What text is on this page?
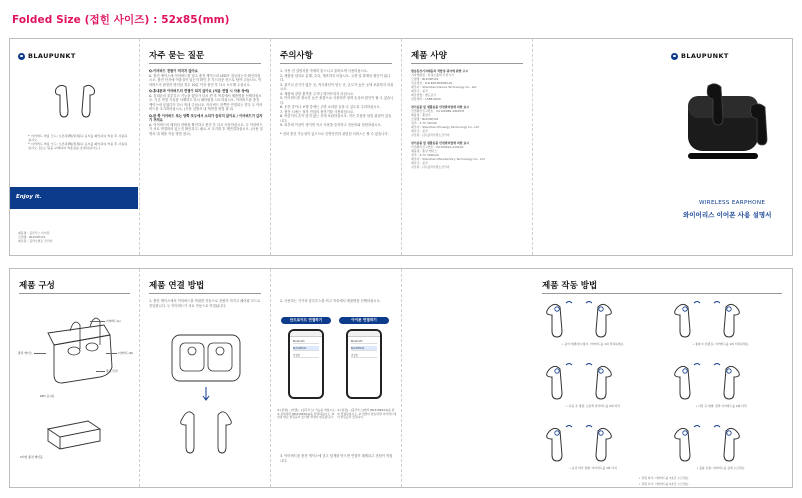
Folded Size (접힌 사이즈) : 52x85(mm)
BLAUPUNKT
• 이어버드 착용 모드: 오른쪽(R)/왼쪽(L) 표시를 확인하여 착용 후 사용하십시오.
• 이어버드 착용 모드: 오른쪽(R)/왼쪽(L) 표시를 확인하여 착용 후 사용하십시오. (또는 팁을 교체하여 착용감을 조절하십시오.)
Enjoy it.
제품명 : 블루투스 이어폰
모델명 : BLP-WE101
제조원 : 블라우푼트 코리아
자주 묻는 질문
Q.이어버드 전원이 켜지지 않아요
A. 충전 케이스에 이어버드를 넣고 충전 케이스의 LED가 점등되는지 확인하십시오. 충전 단자에 이물질이 있는지 확인 후 부드러운 천으로 닦아 주십시오. 이어버드가 완전히 방전된 경우 10분 이상 충전 후 다시 시도해 주십시오.
Q.휴대폰과 이어버드의 연결이 되지 않아요 (처음 연결 시 사용 장애)
A. 휴대폰의 블루투스 기능을 껐다가 다시 켠 후 목록에서 제품명을 선택하십시오. 기존 연결 기록을 삭제하고 다시 페어링을 시도하십시오. 이어버드를 충전 케이스에 넣었다가 다시 꺼내 주십시오. 이어버드 한쪽만 연결되는 경우 두 이어버드를 초기화하십시오. (사용 설명서 내 재연결 방법 참고)
Q.한 쪽 이어버드 또는 양쪽 모두에서 소리가 들리지 않아요 / 이어버드가 갑자기 꺼져요
A. 이어버드의 배터리 잔량을 확인하고 충전 후 다시 사용하십시오. 두 이어버드가 서로 연결되어 있는지 확인하고, 필요 시 초기화 후 재연결하십시오. (사용 설명서 내 제품 작동 방법 참고)
주의사항
1. 사용 전 설명서를 자세히 읽으시고 올바르게 사용하십시오.
2. 제품을 임의로 분해, 수리, 개조하지 마십시오. 고장 및 화재의 원인이 됩니다.
3. 물기나 습기가 많은 곳, 직사광선이 닿는 곳, 온도가 높은 곳에 보관하지 마십시오.
4. 제품에 강한 충격을 주거나 떨어뜨리지 마십시오.
5. 이어버드를 장시간 높은 볼륨으로 사용하면 청력 손상의 원인이 될 수 있습니다.
6. 운전 중이나 보행 중에는 주변 소리를 들을 수 있도록 주의하십시오.
7. 충전 시에는 정격 전압의 충전기를 사용하십시오.
8. 어린이의 손이 닿지 않는 곳에 보관하십시오. 작은 부품을 삼킬 위험이 있습니다.
9. 피부에 이상이 생기면 즉시 사용을 중지하고 전문의와 상담하십시오.
* 전파 혼신 가능성이 있으므로 인명안전과 관련된 서비스는 할 수 없습니다.
제품 사양
방송통신기자재등의 적합성 평가에 관한 고시
기자재명칭 : 특정소출력 무선기기
모델명 : BLP-WE101
인증번호 : R-R-BLP-BLPWE101
제조자 : Shenzhen Device Technology Co., Ltd
제조국 : 중국
제조연월 : 별도표기
상담센터 : 1588-0000
전기용품 및 생활용품 안전관리법에 의한 표시
안전확인신고번호 : XU100986-18007M
제품명 : 충전기
모델명 : BLP-WE101
정격 : 3.7V 30mAh
제조자 : Shenzhen Phinergy Technology Co., Ltd
제조국 : 중국
수입원 : (주)블라우푼트코리아
전기용품 및 생활용품 안전관리법에 의한 표시
안전확인신고번호 : XU100612-21010A
제품명 : 충전 케이스
정격 : 3.7V 300mAh
제조자 : Shenzhen Manufactory Technology Co., Ltd
제조국 : 중국
수입원 : (주)블라우푼트코리아
BLAUPUNKT
WIRELESS EARPHONE
와이어리스 이어폰 사용 설명서
제품 구성
이어버드(L)
충전 케이스	이어버드(R)
충전 단자
LED 표시등
C타입 충전 케이블
제품 연결 방법
1. 충전 케이스에서 이어버드를 꺼내면 자동으로 전원이 켜지고 페어링 모드로 진입합니다. 두 이어버드가 서로 자동으로 연결됩니다.
2. 사용하는 기기의 블루투스를 켜고 목록에서 제품명을 선택하십시오.
안드로이드 연결하기	아이폰 연결하기
Bluetooth
BLP-WE101
연결됨
Bluetooth
BLP-WE101
연결됨
① [설정] - [연결] - [블루투스] 기능을 켜십시오. ② 목록에서 [BLP-WE101]을 선택하십시오. ③ 연결 완료 알림음이 들리면 연결이 완료됩니다.
① [설정] - [블루투스]에서 [BLP-WE101]을 찾아 연결하십시오. ② 연결이 완료되면 이어버드에서 알림음이 들립니다.
3. 이어버드를 충전 케이스에 넣고 덮개를 닫으면 연결이 해제되고 전원이 꺼집니다.
제품 작동 방법
• 음악 재생/일시정지: 이어버드를 1회 터치하세요.	• 통화 수신/종료: 이어버드를 1회 터치하세요.
• 다음 곡 재생: 오른쪽 이어버드를 2회 터치	• 이전 곡 재생: 왼쪽 이어버드를 2회 터치
• 음성 비서 실행: 이어버드를 3회 터치	• 볼륨 조절: 이어버드를 길게 누르세요.
• 전원 켜기: 이어버드를 3초간 누르세요.
• 전원 끄기: 이어버드를 5초간 누르세요.
